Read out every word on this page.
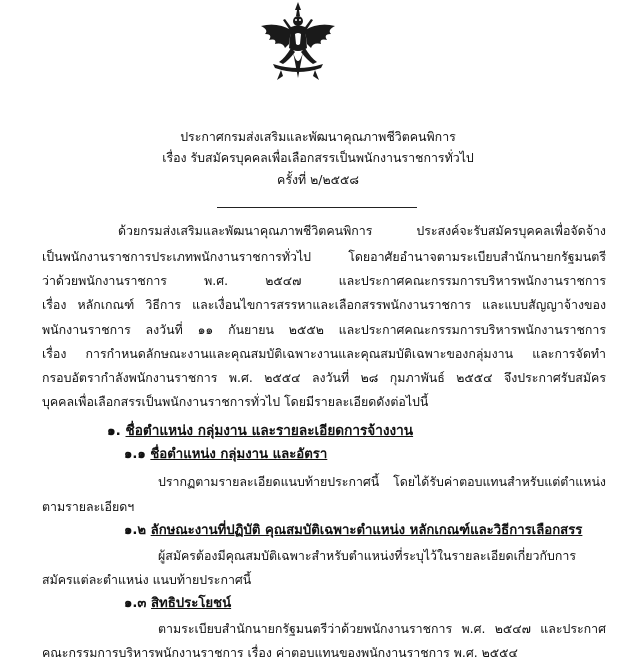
ประกาศกรมส่งเสริมและพัฒนาคุณภาพชีวิตคนพิการ
เรื่อง รับสมัครบุคคลเพื่อเลือกสรรเป็นพนักงานราชการทั่วไป
ครั้งที่ ๒/๒๕๕๘
ด้วยกรมส่งเสริมและพัฒนาคุณภาพชีวิตคนพิการ ประสงค์จะรับสมัครบุคคลเพื่อจัดจ้าง
เป็นพนักงานราชการประเภทพนักงานราชการทั่วไป โดยอาศัยอำนาจตามระเบียบสำนักนายกรัฐมนตรี
ว่าด้วยพนักงานราชการ พ.ศ. ๒๕๔๗ และประกาศคณะกรรมการบริหารพนักงานราชการ
เรื่อง หลักเกณฑ์ วิธีการ และเงื่อนไขการสรรหาและเลือกสรรพนักงานราชการ และแบบสัญญาจ้างของ
พนักงานราชการ ลงวันที่ ๑๑ กันยายน ๒๕๕๒ และประกาศคณะกรรมการบริหารพนักงานราชการ
เรื่อง การกำหนดลักษณะงานและคุณสมบัติเฉพาะงานและคุณสมบัติเฉพาะของกลุ่มงาน และการจัดทำ
กรอบอัตรากำลังพนักงานราชการ พ.ศ. ๒๕๕๔ ลงวันที่ ๒๘ กุมภาพันธ์ ๒๕๕๔ จึงประกาศรับสมัคร
บุคคลเพื่อเลือกสรรเป็นพนักงานราชการทั่วไป โดยมีรายละเอียดดังต่อไปนี้
๑. ชื่อตำแหน่ง กลุ่มงาน และรายละเอียดการจ้างงาน
๑.๑ ชื่อตำแหน่ง กลุ่มงาน และอัตรา
ปรากฏตามรายละเอียดแนบท้ายประกาศนี้ โดยได้รับค่าตอบแทนสำหรับแต่ตำแหน่ง
ตามรายละเอียดฯ
๑.๒ ลักษณะงานที่ปฏิบัติ คุณสมบัติเฉพาะตำแหน่ง หลักเกณฑ์และวิธีการเลือกสรร
ผู้สมัครต้องมีคุณสมบัติเฉพาะสำหรับตำแหน่งที่ระบุไว้ในรายละเอียดเกี่ยวกับการ
สมัครแต่ละตำแหน่ง แนบท้ายประกาศนี้
๑.๓ สิทธิประโยชน์
ตามระเบียบสำนักนายกรัฐมนตรีว่าด้วยพนักงานราชการ พ.ศ. ๒๕๔๗ และประกาศ
คณะกรรมการบริหารพนักงานราชการ เรื่อง ค่าตอบแทนของพนักงานราชการ พ.ศ. ๒๕๕๔
